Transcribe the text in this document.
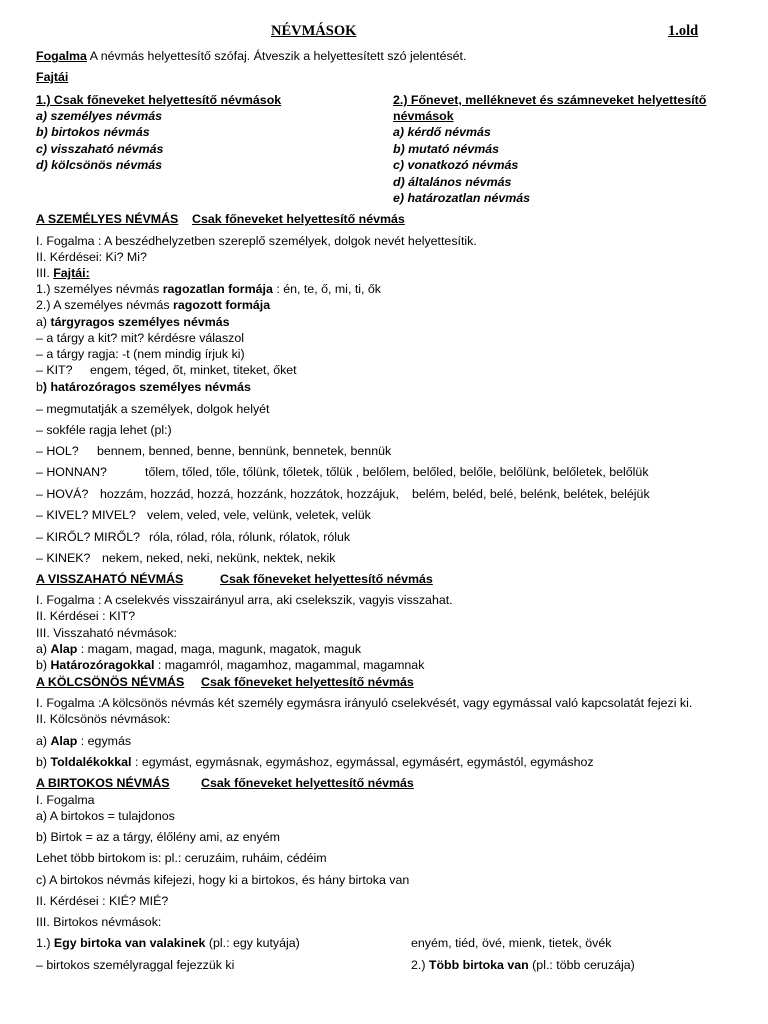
NÉVMÁSOK	1.old
Fogalma A névmás helyettesítő szófaj. Átveszik a helyettesített szó jelentését.
Fajtái
1.) Csak főneveket helyettesítő névmások
a) személyes névmás
b) birtokos névmás
c) visszaható névmás
d) kölcsönös névmás
2.) Főnevet, melléknevet és számneveket helyettesítő
névmások
a) kérdő névmás
b) mutató névmás
c) vonatkozó névmás
d) általános névmás
e) határozatlan névmás
A SZEMÉLYES NÉVMÁS Csak főneveket helyettesítő névmás
I. Fogalma : A beszédhelyzetben szereplő személyek, dolgok nevét helyettesítik.
II. Kérdései: Ki? Mi?
III. Fajtái:
1.) személyes névmás ragozatlan formája : én, te, ő, mi, ti, ők
2.) A személyes névmás ragozott formája
a) tárgyragos személyes névmás
– a tárgy a kit? mit? kérdésre válaszol
– a tárgy ragja: -t (nem mindig írjuk ki)
– KIT? engem, téged, őt, minket, titeket, őket
b) határozóragos személyes névmás
– megmutatják a személyek, dolgok helyét
– sokféle ragja lehet (pl:)
– HOL? bennem, benned, benne, bennünk, bennetek, bennük
– HONNAN?	tőlem, tőled, tőle, tőlünk, tőletek, tőlük , belőlem, belőled, belőle, belőlünk, belőletek, belőlük
– HOVÁ? hozzám, hozzád, hozzá, hozzánk, hozzátok, hozzájuk, belém, beléd, belé, belénk, belétek, beléjük
– KIVEL? MIVEL? velem, veled, vele, velünk, veletek, velük
– KIRŐL? MIRŐL? róla, rólad, róla, rólunk, rólatok, róluk
– KINEK? nekem, neked, neki, nekünk, nektek, nekik
A VISSZAHATÓ NÉVMÁS	Csak főneveket helyettesítő névmás
I. Fogalma : A cselekvés visszairányul arra, aki cselekszik, vagyis visszahat.
II. Kérdései : KIT?
III. Visszaható névmások:
a) Alap : magam, magad, maga, magunk, magatok, maguk
b) Határozóragokkal : magamról, magamhoz, magammal, magamnak
A KÖLCSÖNÖS NÉVMÁS Csak főneveket helyettesítő névmás
I. Fogalma :A kölcsönös névmás két személy egymásra irányuló cselekvését, vagy egymással való kapcsolatát fejezi ki.
II. Kölcsönös névmások:
a) Alap : egymás
b) Toldalékokkal : egymást, egymásnak, egymáshoz, egymással, egymásért, egymástól, egymáshoz
A BIRTOKOS NÉVMÁS	Csak főneveket helyettesítő névmás
I. Fogalma
a) A birtokos = tulajdonos
b) Birtok = az a tárgy, élőlény ami, az enyém
Lehet több birtokom is: pl.: ceruzáim, ruháim, cédéim
c) A birtokos névmás kifejezi, hogy ki a birtokos, és hány birtoka van
II. Kérdései : KIÉ? MIÉ?
III. Birtokos névmások:
1.) Egy birtoka van valakinek (pl.: egy kutyája)	enyém, tiéd, övé, mienk, tietek, övék
– birtokos személyraggal fejezzük ki	2.) Több birtoka van (pl.: több ceruzája)
